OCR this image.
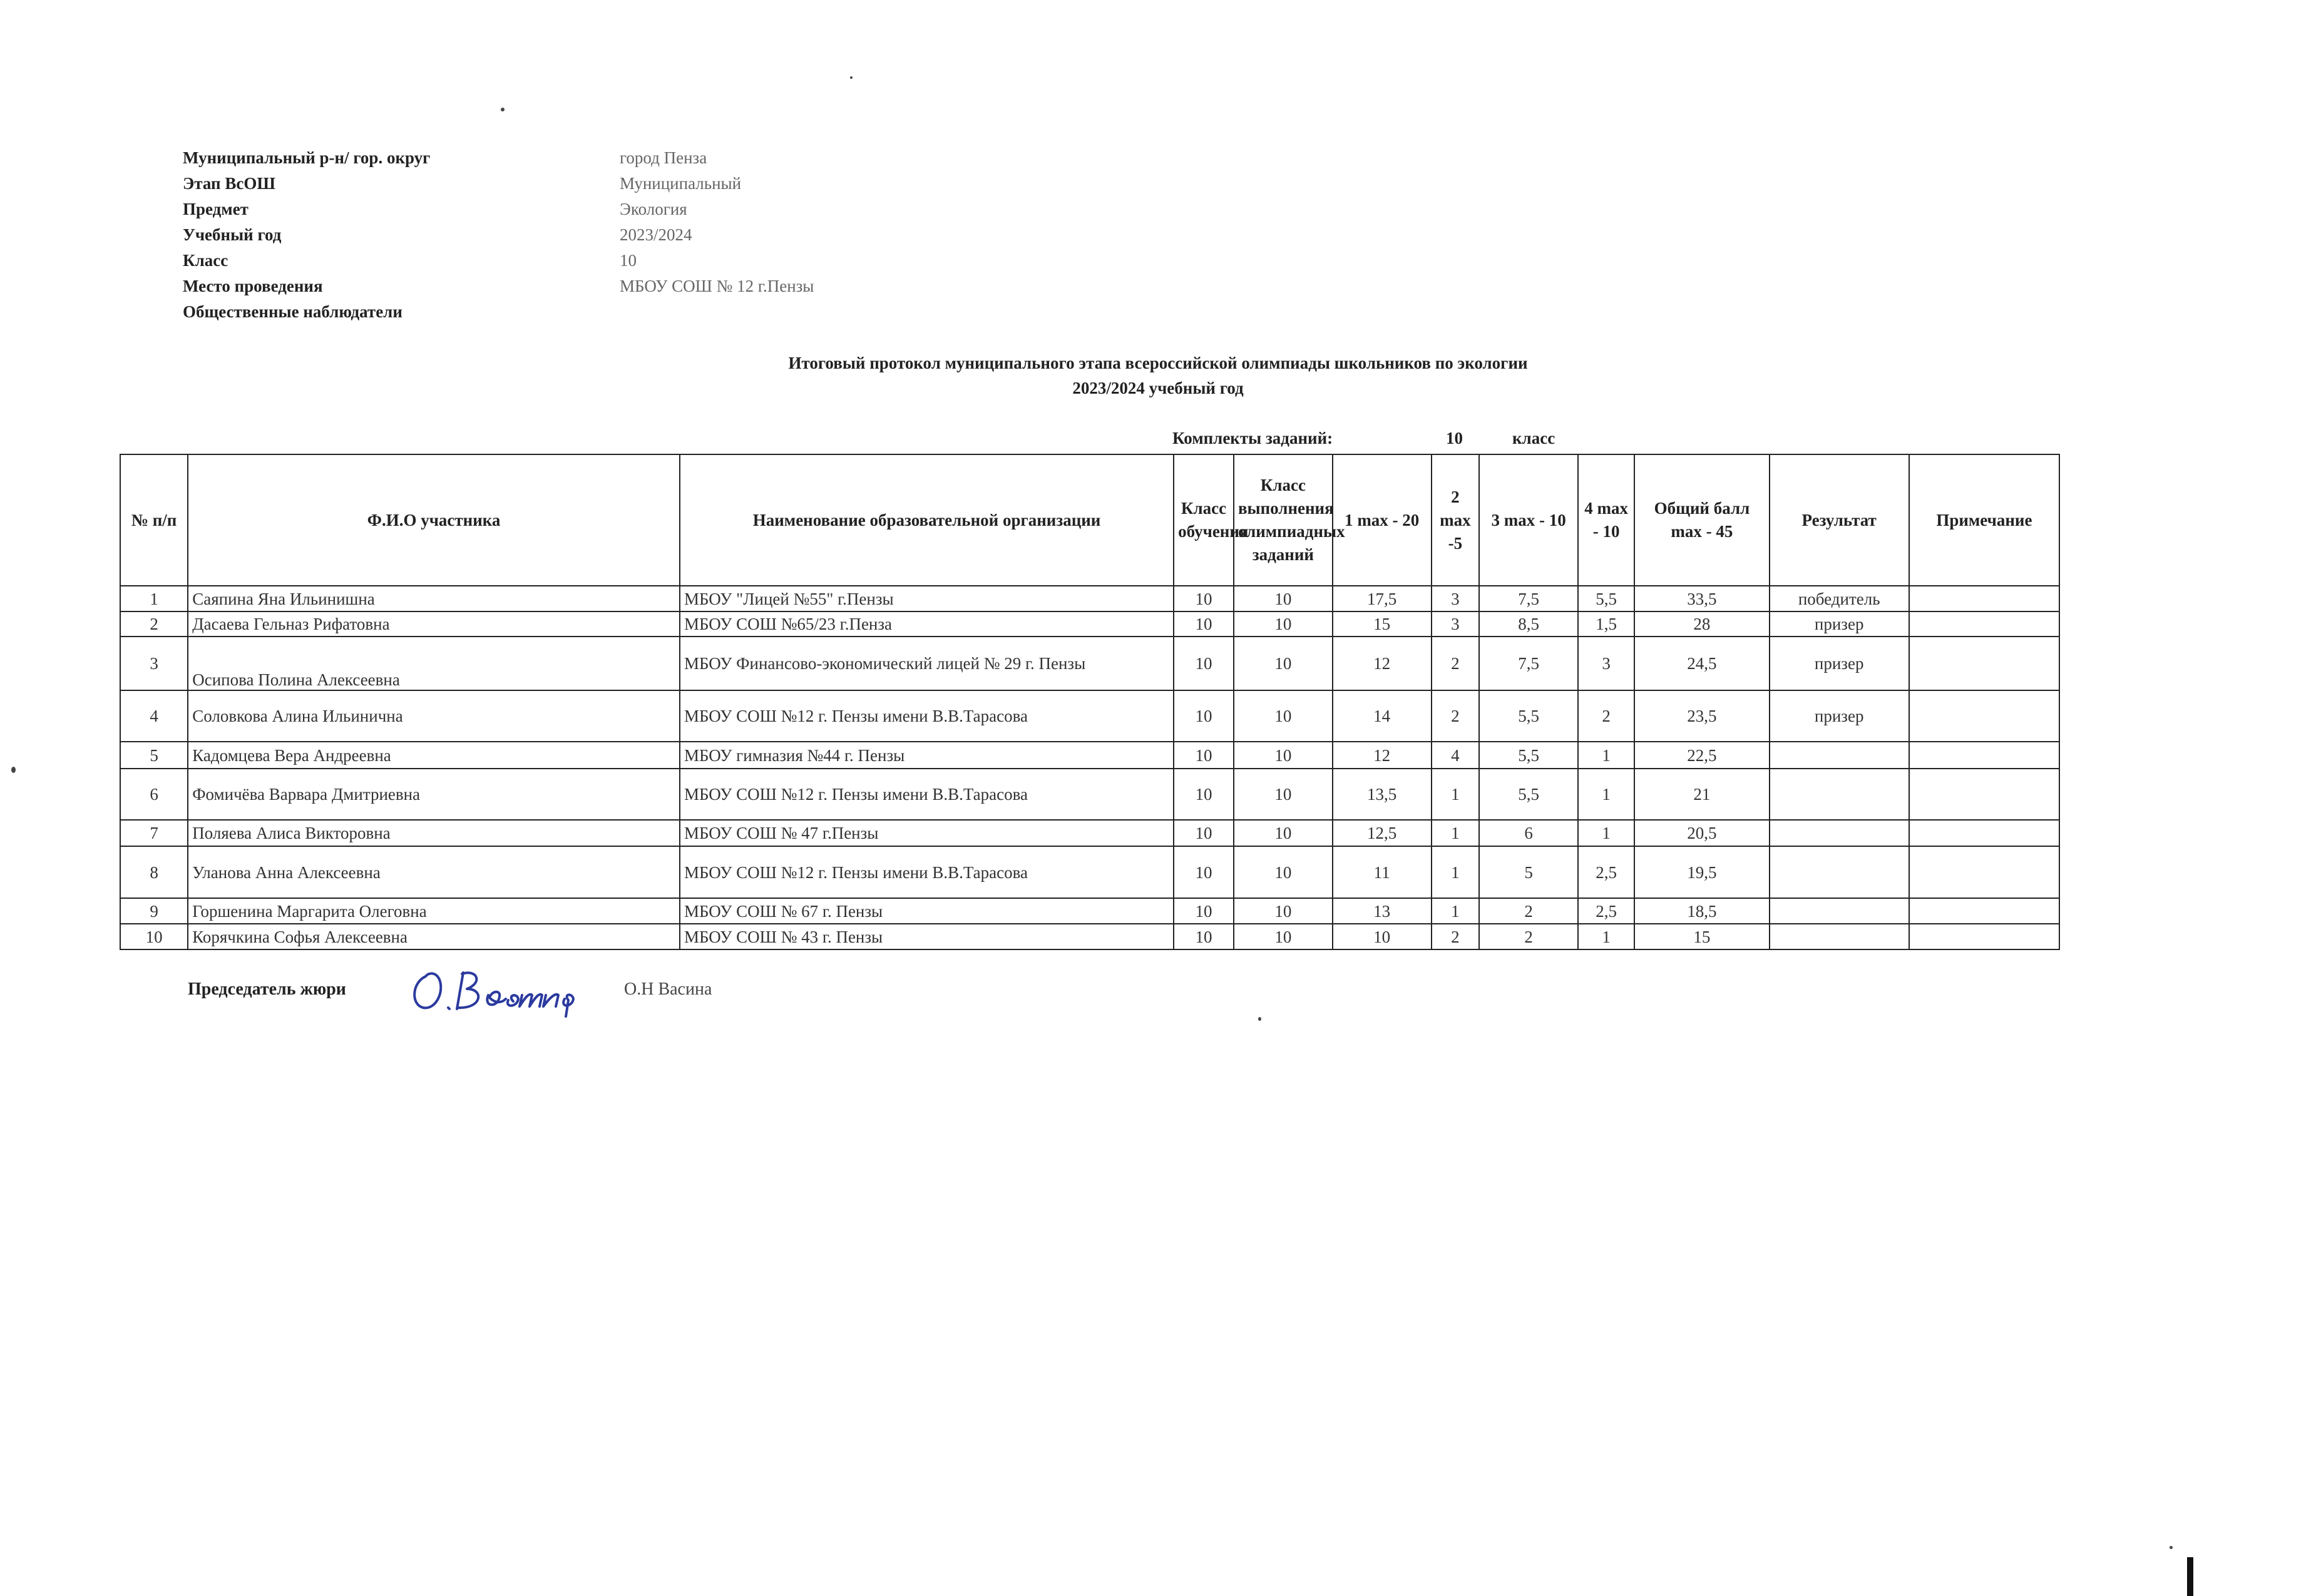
Муниципальный р-н/ гор. округ	город Пенза
Этап ВсОШ	Муниципальный
Предмет	Экология
Учебный год	2023/2024
Класс	10
Место проведения	МБОУ СОШ № 12 г.Пензы
Общественные наблюдатели
Итоговый протокол муниципального этапа всероссийской олимпиады школьников по экологии
2023/2024 учебный год
Комплекты заданий:	10	класс
№ п/п	Ф.И.О участника	Наименование образовательной организации	Класс обучения	Класс выполнения олимпиадных заданий	1 max - 20	2 max -5	3 max - 10	4 max - 10	Общий балл max - 45	Результат	Примечание
1	Саяпина Яна Ильинишна	МБОУ "Лицей №55" г.Пензы	10	10	17,5	3	7,5	5,5	33,5	победитель	
2	Дасаева Гельназ Рифатовна	МБОУ СОШ №65/23 г.Пенза	10	10	15	3	8,5	1,5	28	призер	
3	Осипова Полина Алексеевна	МБОУ Финансово-экономический лицей № 29 г. Пензы	10	10	12	2	7,5	3	24,5	призер	
4	Соловкова Алина Ильинична	МБОУ СОШ №12 г. Пензы имени В.В.Тарасова	10	10	14	2	5,5	2	23,5	призер	
5	Кадомцева Вера Андреевна	МБОУ гимназия №44 г. Пензы	10	10	12	4	5,5	1	22,5		
6	Фомичёва Варвара Дмитриевна	МБОУ СОШ №12 г. Пензы имени В.В.Тарасова	10	10	13,5	1	5,5	1	21		
7	Поляева Алиса Викторовна	МБОУ СОШ № 47 г.Пензы	10	10	12,5	1	6	1	20,5		
8	Уланова Анна Алексеевна	МБОУ СОШ №12 г. Пензы имени В.В.Тарасова	10	10	11	1	5	2,5	19,5		
9	Горшенина Маргарита Олеговна	МБОУ СОШ № 67 г. Пензы	10	10	13	1	2	2,5	18,5		
10	Корячкина Софья Алексеевна	МБОУ СОШ № 43 г. Пензы	10	10	10	2	2	1	15		
Председатель жюри	О.Н Васина
